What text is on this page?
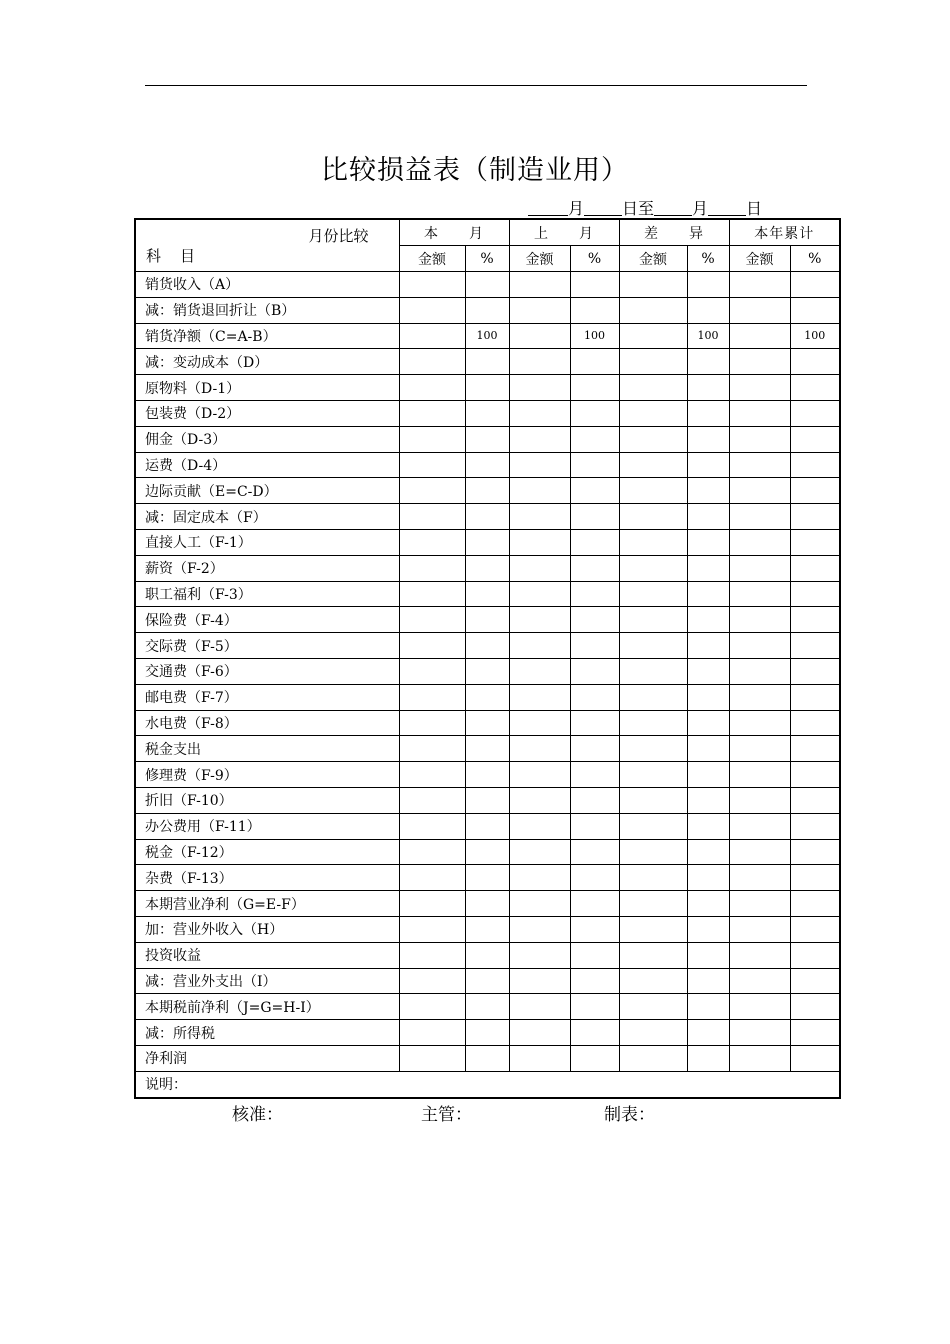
比较损益表（制造业用）
月 日至 月 日
月份比较
科　目	本　　月		上　　月		差　　异		本年累计	
	金额	%	金额	%	金额	%	金额	%
销货收入（A）								
减：销货退回折让（B）								
销货净额（C=A-B）		100		100		100		100
减：变动成本（D）								
原物料（D-1）								
包装费（D-2）								
佣金（D-3）								
运费（D-4）								
边际贡献（E=C-D）								
减：固定成本（F）								
直接人工（F-1）								
薪资（F-2）								
职工福利（F-3）								
保险费（F-4）								
交际费（F-5）								
交通费（F-6）								
邮电费（F-7）								
水电费（F-8）								
税金支出								
修理费（F-9）								
折旧（F-10）								
办公费用（F-11）								
税金（F-12）								
杂费（F-13）								
本期营业净利（G=E-F）								
加：营业外收入（H）								
投资收益								
减：营业外支出（I）								
本期税前净利（J=G=H-I）								
减：所得税								
净利润								
说明：								
核准：	主管：	制表：
